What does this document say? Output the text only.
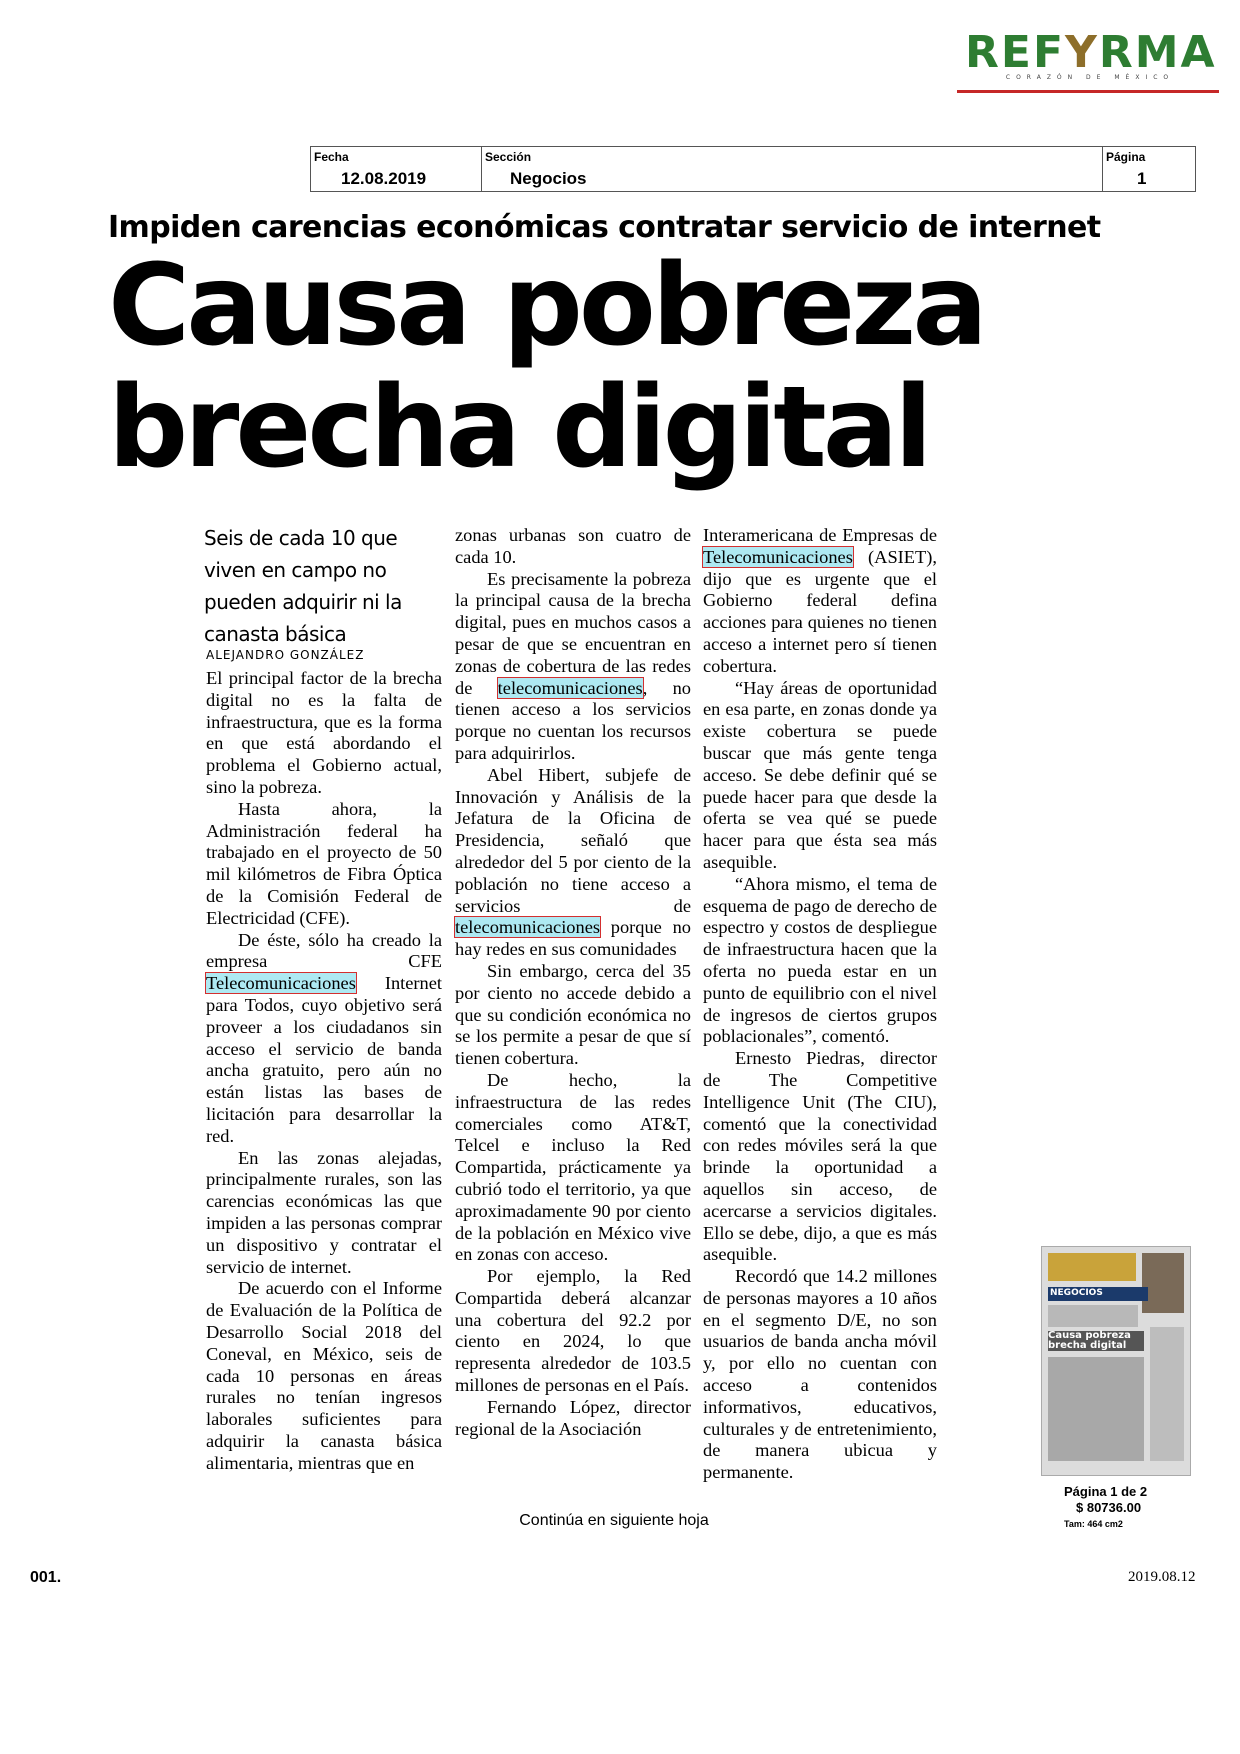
REFYRMA
CORAZÓN DE MÉXICO
Fecha
12.08.2019
Sección
Negocios
Página
1
Impiden carencias económicas contratar servicio de internet
Causa pobreza
brecha digital
Seis de cada 10 que viven en campo no pueden adquirir ni la canasta básica
ALEJANDRO GONZÁLEZ

El principal factor de la brecha digital no es la falta de infraestructura, que es la forma en que está abordando el problema el Gobierno actual, sino la pobreza.

Hasta ahora, la Administración federal ha trabajado en el proyecto de 50 mil kilómetros de Fibra Óptica de la Comisión Federal de Electricidad (CFE).

De éste, sólo ha creado la empresa CFE Telecomunicaciones Internet para Todos, cuyo objetivo será proveer a los ciudadanos sin acceso el servicio de banda ancha gratuito, pero aún no están listas las bases de licitación para desarrollar la red.

En las zonas alejadas, principalmente rurales, son las carencias económicas las que impiden a las personas comprar un dispositivo y contratar el servicio de internet.

De acuerdo con el Informe de Evaluación de la Política de Desarrollo Social 2018 del Coneval, en México, seis de cada 10 personas en áreas rurales no tenían ingresos laborales suficientes para adquirir la canasta básica alimentaria, mientras que en

zonas urbanas son cuatro de cada 10.

Es precisamente la pobreza la principal causa de la brecha digital, pues en muchos casos a pesar de que se encuentran en zonas de cobertura de las redes de telecomunicaciones, no tienen acceso a los servicios porque no cuentan los recursos para adquirirlos.

Abel Hibert, subjefe de Innovación y Análisis de la Jefatura de la Oficina de Presidencia, señaló que alrededor del 5 por ciento de la población no tiene acceso a servicios de telecomunicaciones porque no hay redes en sus comunidades

Sin embargo, cerca del 35 por ciento no accede debido a que su condición económica no se los permite a pesar de que sí tienen cobertura.

De hecho, la infraestructura de las redes comerciales como AT&T, Telcel e incluso la Red Compartida, prácticamente ya cubrió todo el territorio, ya que aproximadamente 90 por ciento de la población en México vive en zonas con acceso.

Por ejemplo, la Red Compartida deberá alcanzar una cobertura del 92.2 por ciento en 2024, lo que representa alrededor de 103.5 millones de personas en el País.

Fernando López, director regional de la Asociación

Interamericana de Empresas de Telecomunicaciones (ASIET), dijo que es urgente que el Gobierno federal defina acciones para quienes no tienen acceso a internet pero sí tienen cobertura.

“Hay áreas de oportunidad en esa parte, en zonas donde ya existe cobertura se puede buscar que más gente tenga acceso. Se debe definir qué se puede hacer para que desde la oferta se vea qué se puede hacer para que ésta sea más asequible.

“Ahora mismo, el tema de esquema de pago de derecho de espectro y costos de despliegue de infraestructura hacen que la oferta no pueda estar en un punto de equilibrio con el nivel de ingresos de ciertos grupos poblacionales”, comentó.

Ernesto Piedras, director de The Competitive Intelligence Unit (The CIU), comentó que la conectividad con redes móviles será la que brinde la oportunidad a aquellos sin acceso, de acercarse a servicios digitales. Ello se debe, dijo, a que es más asequible.

Recordó que 14.2 millones de personas mayores a 10 años en el segmento D/E, no son usuarios de banda ancha móvil y, por ello no cuentan con acceso a contenidos informativos, educativos, culturales y de entretenimiento, de manera ubicua y permanente.

NEGOCIOS
Causa pobreza brecha digital
Página 1 de 2
$ 80736.00
Tam: 464 cm2
Continúa en siguiente hoja
001.	2019.08.12
